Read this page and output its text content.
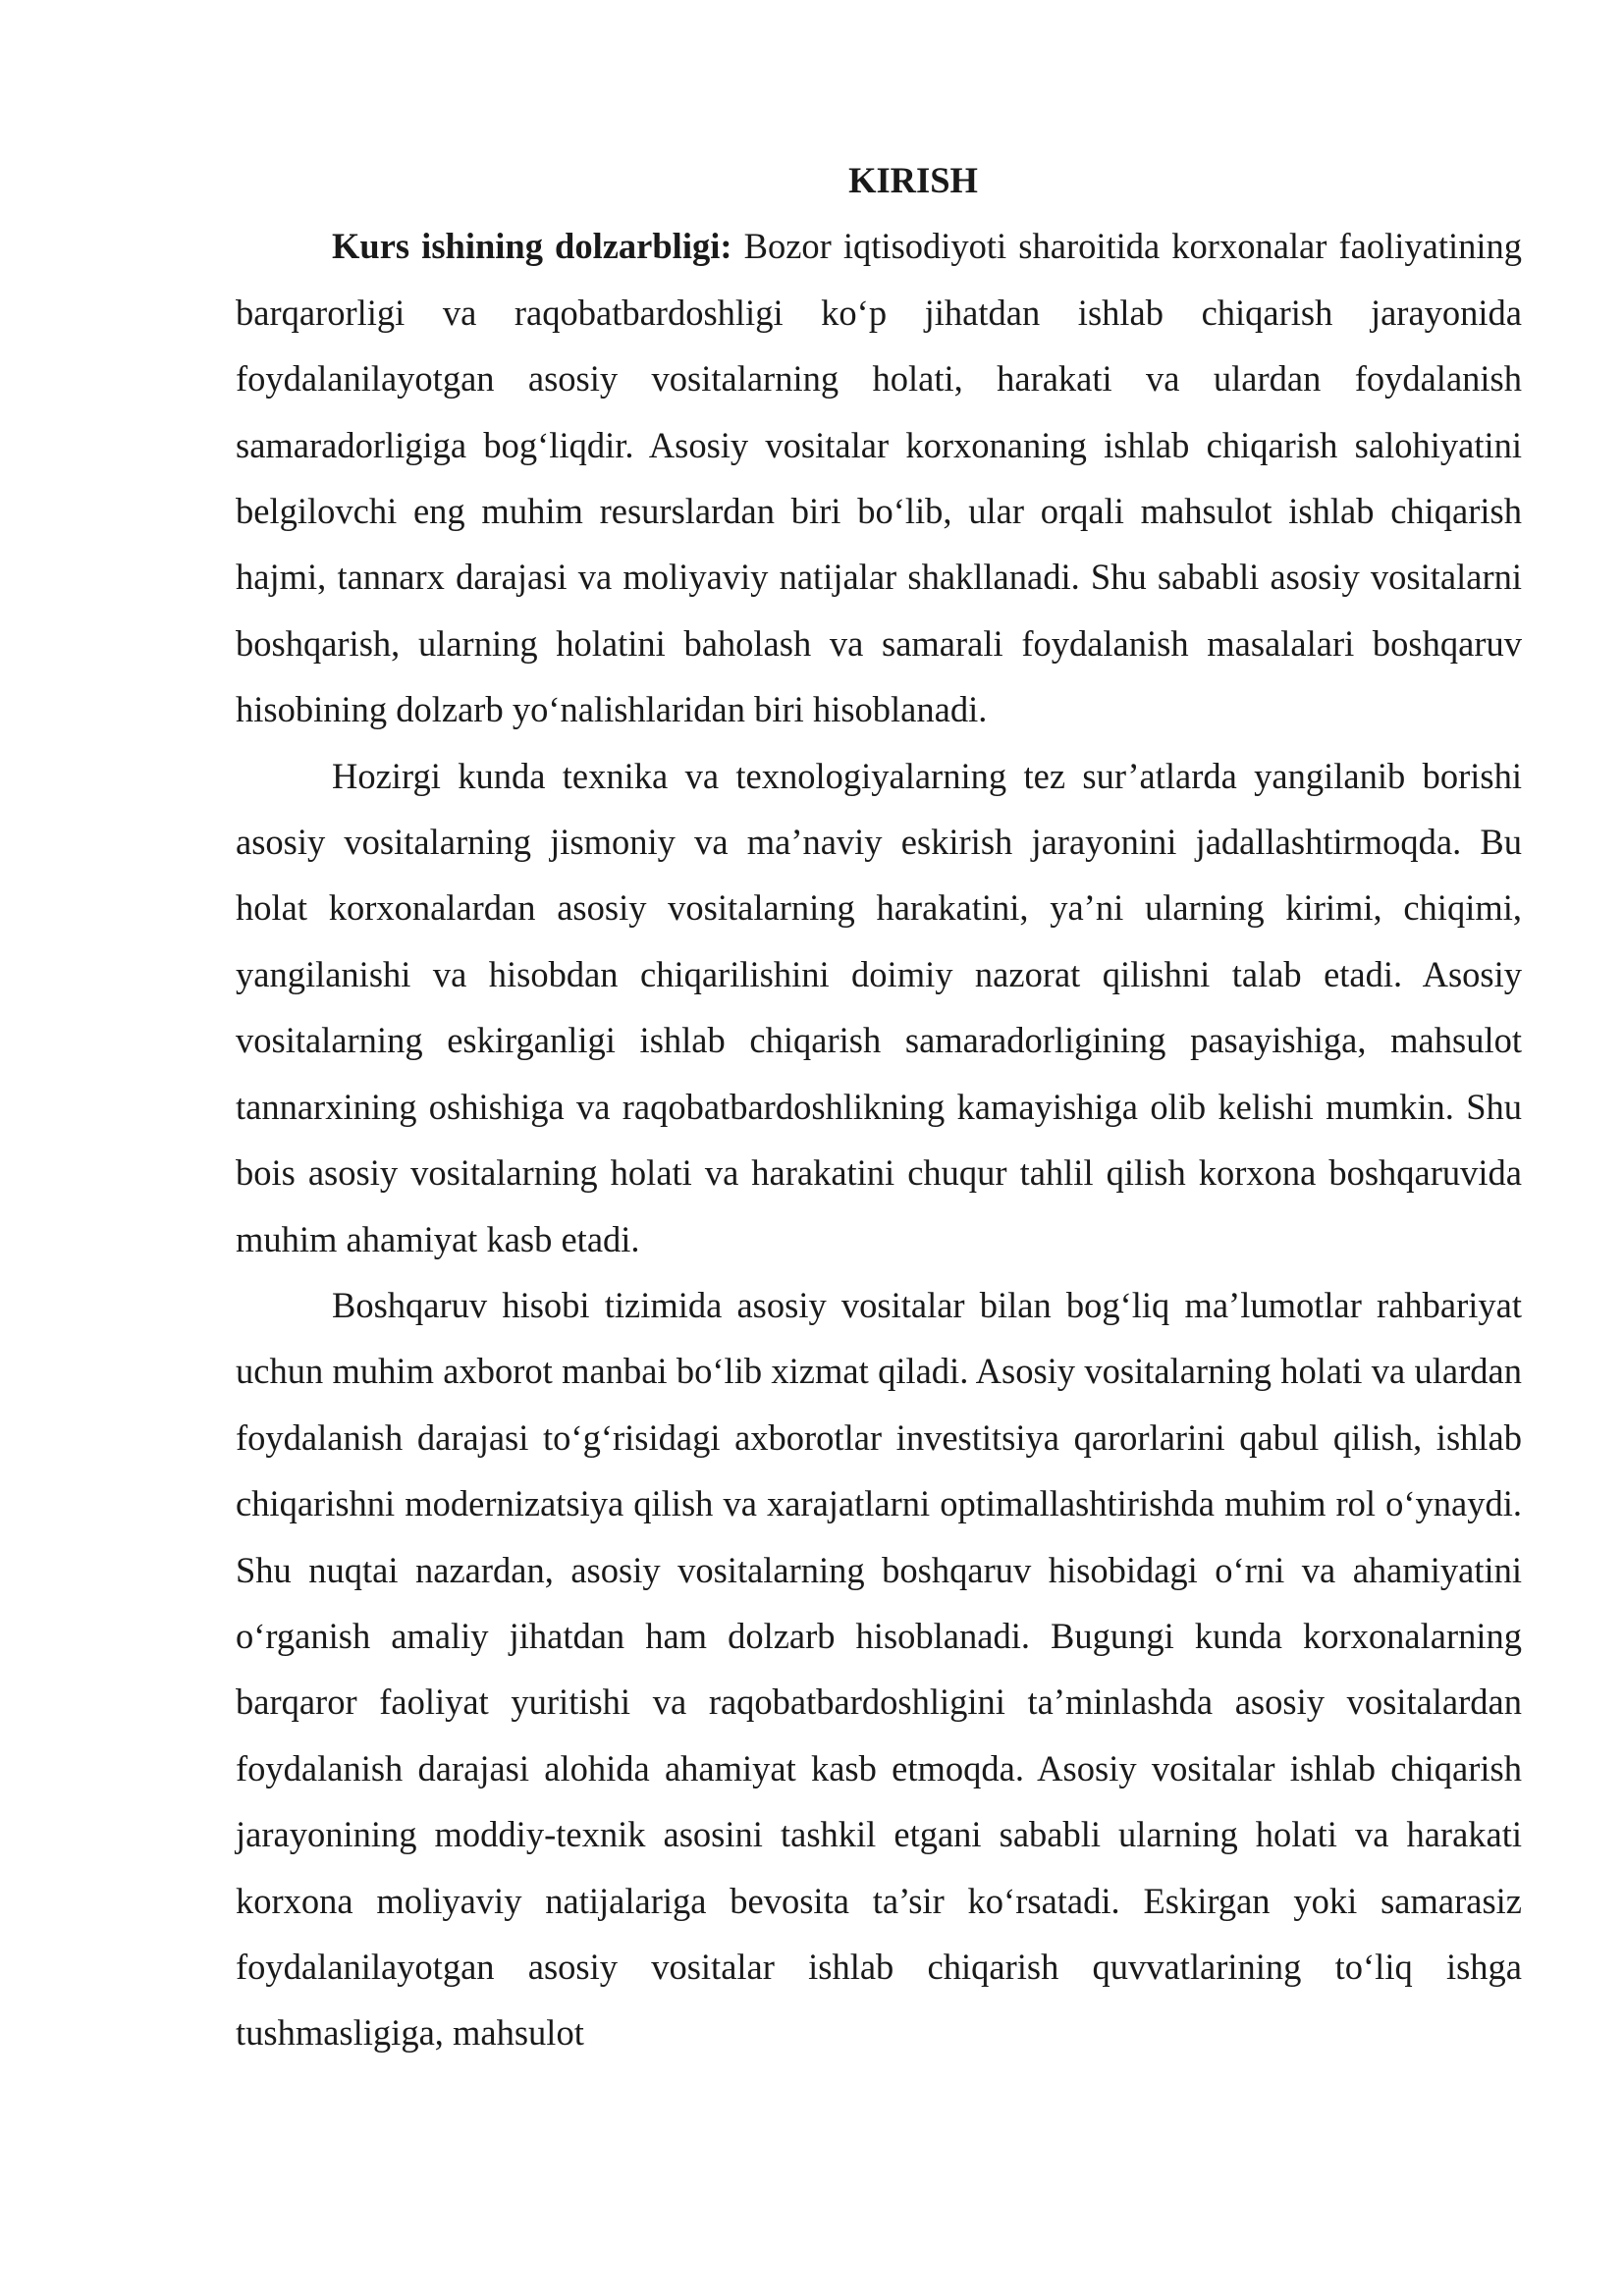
KIRISH

Kurs ishining dolzarbligi: Bozor iqtisodiyoti sharoitida korxonalar faoliyatining barqarorligi va raqobatbardoshligi ko‘p jihatdan ishlab chiqarish jarayonida foydalanilayotgan asosiy vositalarning holati, harakati va ulardan foydalanish samaradorligiga bog‘liqdir. Asosiy vositalar korxonaning ishlab chiqarish salohiyatini belgilovchi eng muhim resurslardan biri bo‘lib, ular orqali mahsulot ishlab chiqarish hajmi, tannarx darajasi va moliyaviy natijalar shakllanadi. Shu sababli asosiy vositalarni boshqarish, ularning holatini baholash va samarali foydalanish masalalari boshqaruv hisobining dolzarb yo‘nalishlaridan biri hisoblanadi.

Hozirgi kunda texnika va texnologiyalarning tez sur’atlarda yangilanib borishi asosiy vositalarning jismoniy va ma’naviy eskirish jarayonini jadallashtirmoqda. Bu holat korxonalardan asosiy vositalarning harakatini, ya’ni ularning kirimi, chiqimi, yangilanishi va hisobdan chiqarilishini doimiy nazorat qilishni talab etadi. Asosiy vositalarning eskirganligi ishlab chiqarish samaradorligining pasayishiga, mahsulot tannarxining oshishiga va raqobatbardoshlikning kamayishiga olib kelishi mumkin. Shu bois asosiy vositalarning holati va harakatini chuqur tahlil qilish korxona boshqaruvida muhim ahamiyat kasb etadi.

Boshqaruv hisobi tizimida asosiy vositalar bilan bog‘liq ma’lumotlar rahbariyat uchun muhim axborot manbai bo‘lib xizmat qiladi. Asosiy vositalarning holati va ulardan foydalanish darajasi to‘g‘risidagi axborotlar investitsiya qarorlarini qabul qilish, ishlab chiqarishni modernizatsiya qilish va xarajatlarni optimallashtirishda muhim rol o‘ynaydi. Shu nuqtai nazardan, asosiy vositalarning boshqaruv hisobidagi o‘rni va ahamiyatini o‘rganish amaliy jihatdan ham dolzarb hisoblanadi. Bugungi kunda korxonalarning barqaror faoliyat yuritishi va raqobatbardoshligini ta’minlashda asosiy vositalardan foydalanish darajasi alohida ahamiyat kasb etmoqda. Asosiy vositalar ishlab chiqarish jarayonining moddiy-texnik asosini tashkil etgani sababli ularning holati va harakati korxona moliyaviy natijalariga bevosita ta’sir ko‘rsatadi. Eskirgan yoki samarasiz foydalanilayotgan asosiy vositalar ishlab chiqarish quvvatlarining to‘liq ishga tushmasligiga, mahsulot
